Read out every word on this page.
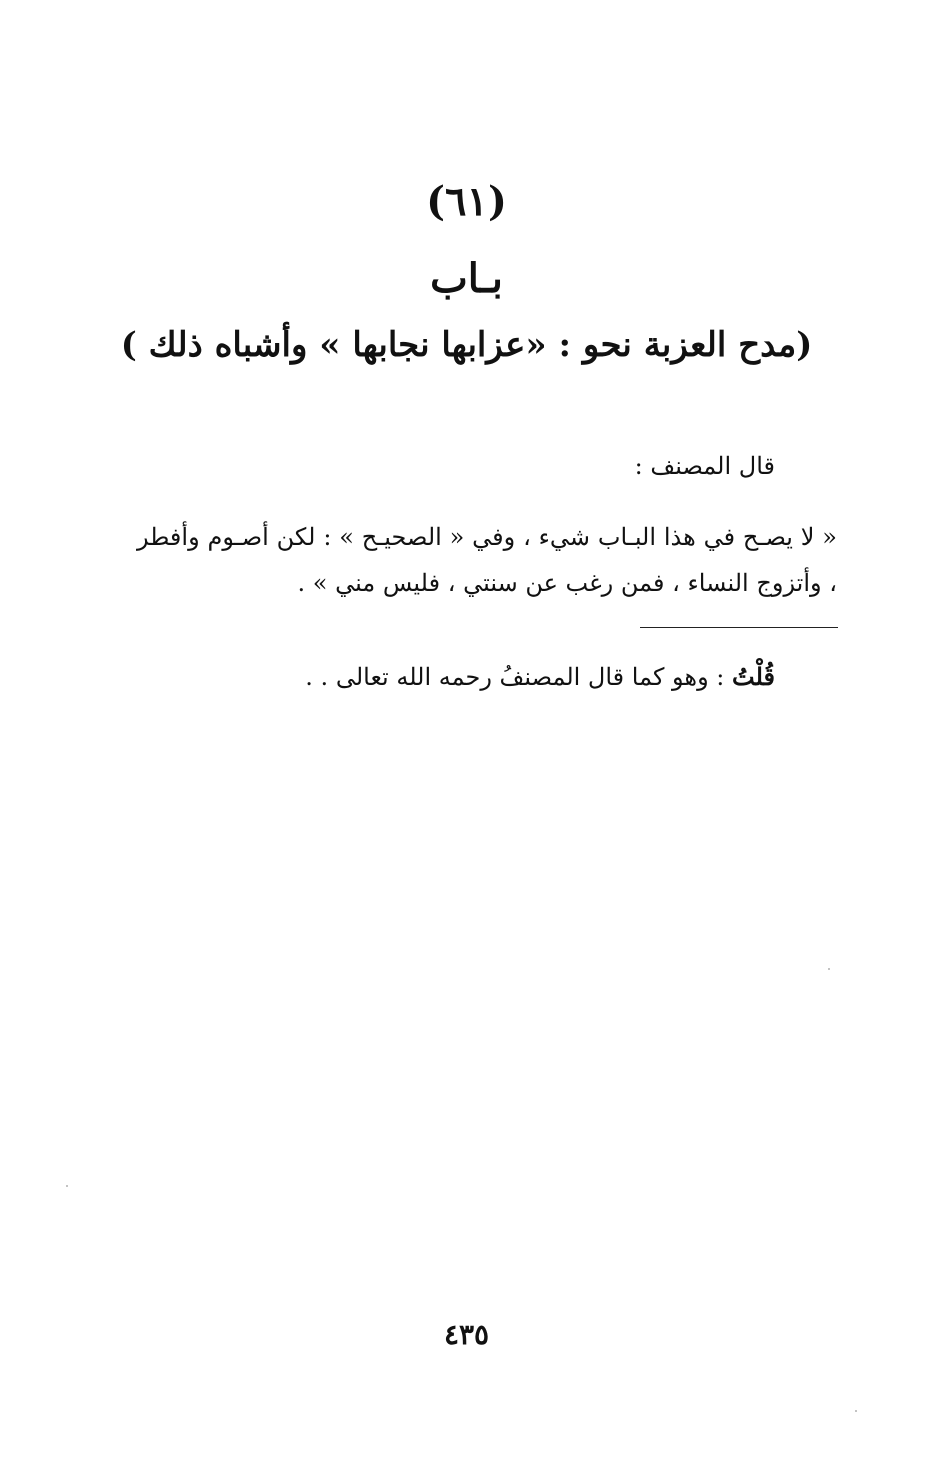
(٦١)
بـاب
(مدح العزبة نحو : «عزابها نجابها » وأشباه ذلك )
قال المصنف :
« لا يصـح في هذا البـاب شيء ، وفي « الصحيـح » : لكن أصـوم وأفطر ، وأتزوج النساء ، فمن رغب عن سنتي ، فليس مني » .
قُلْتُ : وهو كما قال المصنفُ رحمه الله تعالى . .
٤٣٥
